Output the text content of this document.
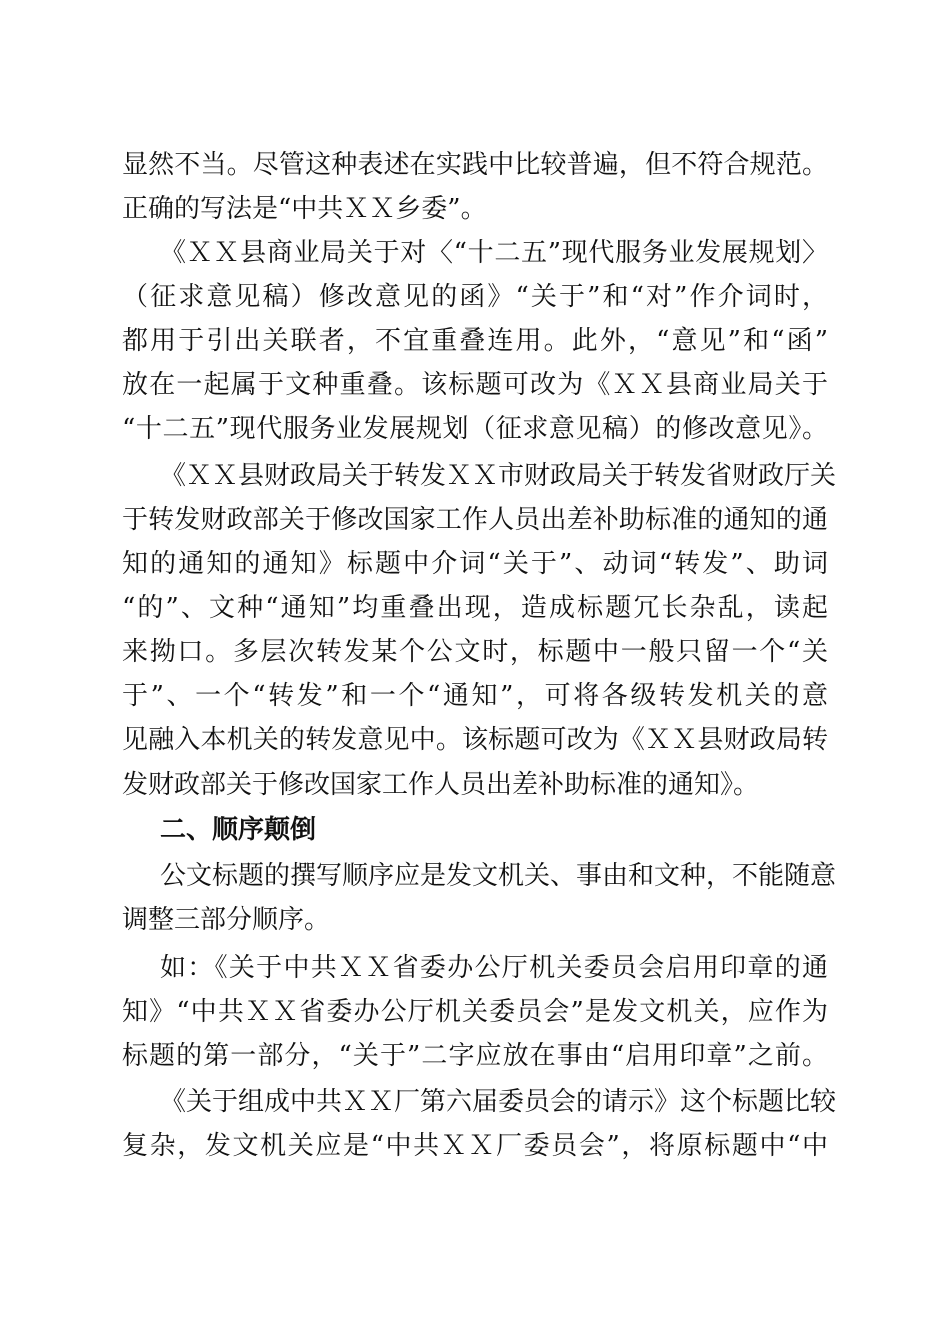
显然不当。尽管这种表述在实践中比较普遍，但不符合规范。
正确的写法是“中共ＸＸ乡委”。
《ＸＸ县商业局关于对〈“十二五”现代服务业发展规划〉
（征求意见稿）修改意见的函》“关于”和“对”作介词时，
都用于引出关联者，不宜重叠连用。此外，“意见”和“函”
放在一起属于文种重叠。该标题可改为《ＸＸ县商业局关于
“十二五”现代服务业发展规划（征求意见稿）的修改意见》。
《ＸＸ县财政局关于转发ＸＸ市财政局关于转发省财政厅关
于转发财政部关于修改国家工作人员出差补助标准的通知的通
知的通知的通知》标题中介词“关于”、动词“转发”、助词
“的”、文种“通知”均重叠出现，造成标题冗长杂乱，读起
来拗口。多层次转发某个公文时，标题中一般只留一个“关
于”、一个“转发”和一个“通知”，可将各级转发机关的意
见融入本机关的转发意见中。该标题可改为《ＸＸ县财政局转
发财政部关于修改国家工作人员出差补助标准的通知》。
二、顺序颠倒
公文标题的撰写顺序应是发文机关、事由和文种，不能随意
调整三部分顺序。
如：《关于中共ＸＸ省委办公厅机关委员会启用印章的通
知》“中共ＸＸ省委办公厅机关委员会”是发文机关，应作为
标题的第一部分，“关于”二字应放在事由“启用印章”之前。
《关于组成中共ＸＸ厂第六届委员会的请示》这个标题比较
复杂，发文机关应是“中共ＸＸ厂委员会”，将原标题中“中
